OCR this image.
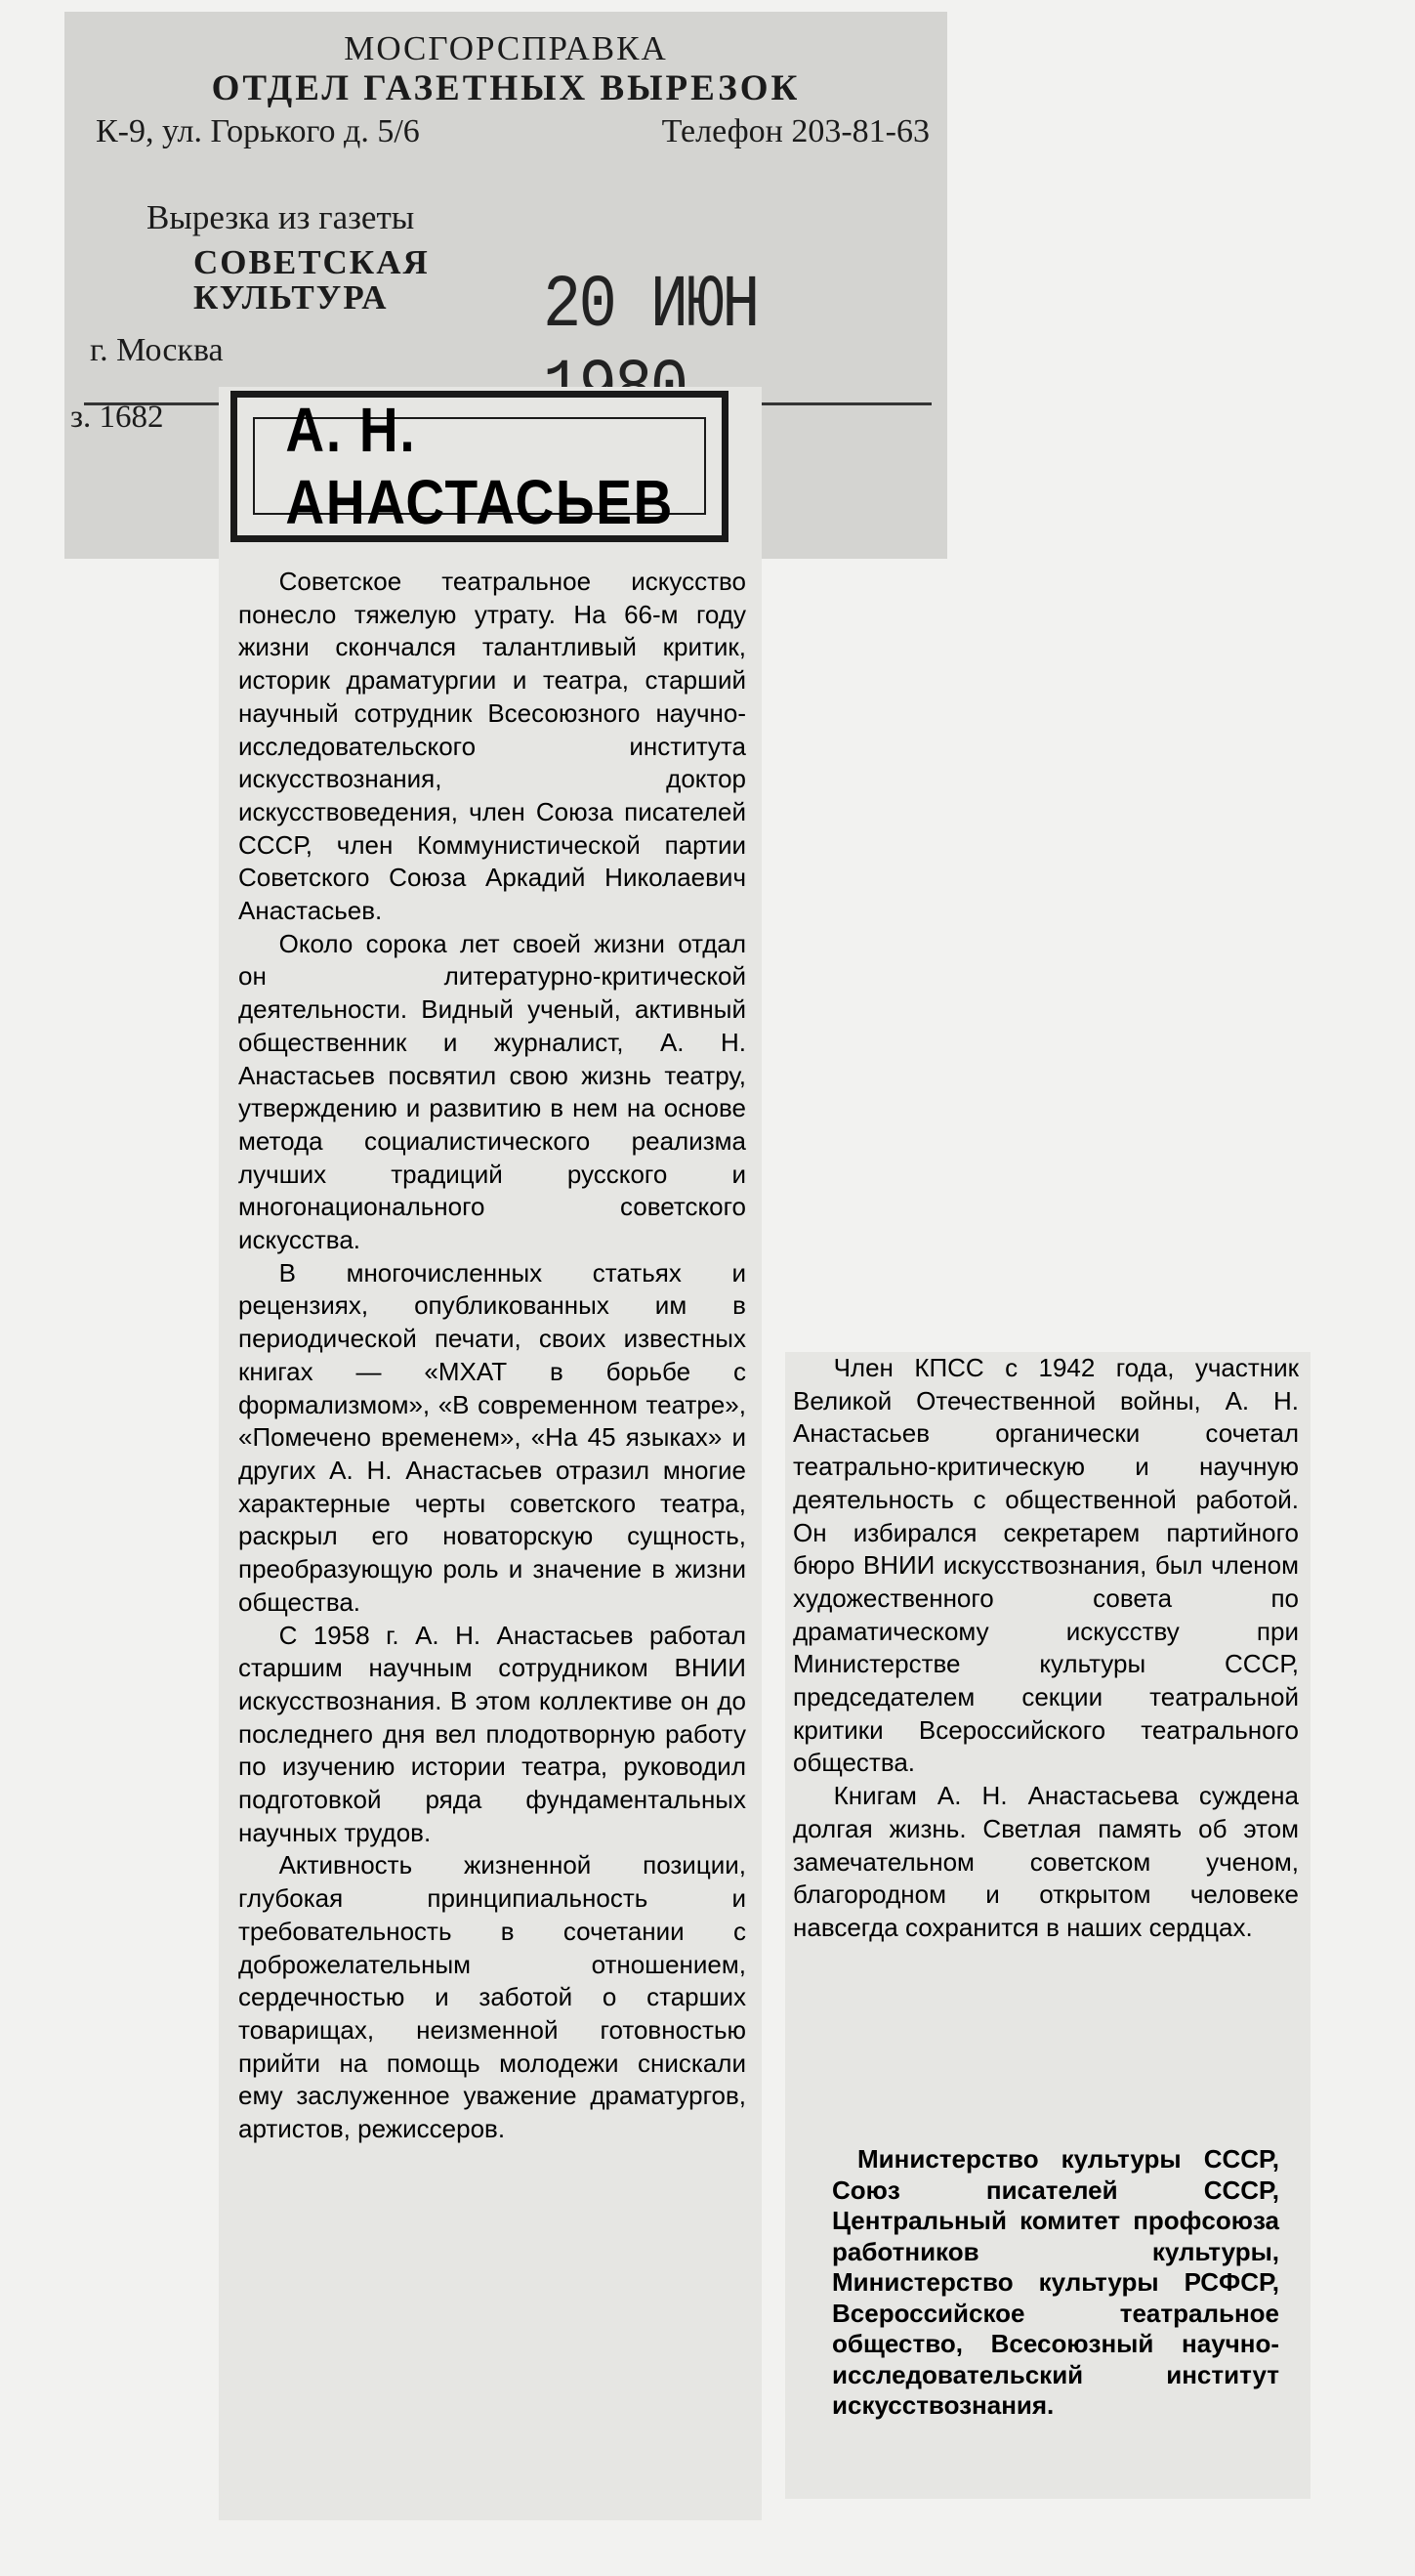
МОСГОРСПРАВКА
ОТДЕЛ ГАЗЕТНЫХ ВЫРЕЗОК
К-9, ул. Горького д. 5/6	Телефон 203-81-63
Вырезка из газеты
СОВЕТСКАЯ
КУЛЬТУРА	20 ИЮН
г. Москва
з. 1682 А. Н. АНАСТАСЬЕВ

Советское театральное искусство понесло тяжелую утрату. На 66-м году жизни скончался талантливый критик, историк драматургии и театра, старший научный сотрудник Всесоюзного научно-исследовательского института искусствознания, доктор искусствоведения, член Союза писателей СССР, член Коммунистической партии Советского Союза Аркадий Николаевич Анастасьев.

Около сорока лет своей жизни отдал он литературно-критической деятельности. Видный ученый, активный общественник и журналист, А. Н. Анастасьев посвятил свою жизнь театру, утверждению и развитию в нем на основе метода социалистического реализма лучших традиций русского и многонационального советского искусства.

В многочисленных статьях и рецензиях, опубликованных им в периодической печати, своих известных книгах — «МХАТ в борьбе с формализмом», «В современном театре», «Помечено временем», «На 45 языках» и других А. Н. Анастасьев отразил многие характерные черты советского театра, раскрыл его новаторскую сущность, преобразующую роль и значение в жизни общества.

С 1958 г. А. Н. Анастасьев работал старшим научным сотрудником ВНИИ искусствознания. В этом коллективе он до последнего дня вел плодотворную работу по изучению истории театра, руководил подготовкой ряда фундаментальных научных трудов.

Активность жизненной позиции, глубокая принципиальность и требовательность в сочетании с доброжелательным отношением, сердечностью и заботой о старших товарищах, неизменной готовностью прийти на помощь молодежи снискали ему заслуженное уважение драматургов, артистов, режиссеров.

Член КПСС с 1942 года, участник Великой Отечественной войны, А. Н. Анастасьев органически сочетал театрально-критическую и научную деятельность с общественной работой. Он избирался секретарем партийного бюро ВНИИ искусствознания, был членом художественного совета по драматическому искусству при Министерстве культуры СССР, председателем секции театральной критики Всероссийского театрального общества.

Книгам А. Н. Анастасьева суждена долгая жизнь. Светлая память об этом замечательном советском ученом, благородном и открытом человеке навсегда сохранится в наших сердцах.

Министерство культуры СССР, Союз писателей СССР, Центральный комитет профсоюза работников культуры, Министерство культуры РСФСР, Всероссийское театральное общество, Всесоюзный научно-исследовательский институт искусствознания.
